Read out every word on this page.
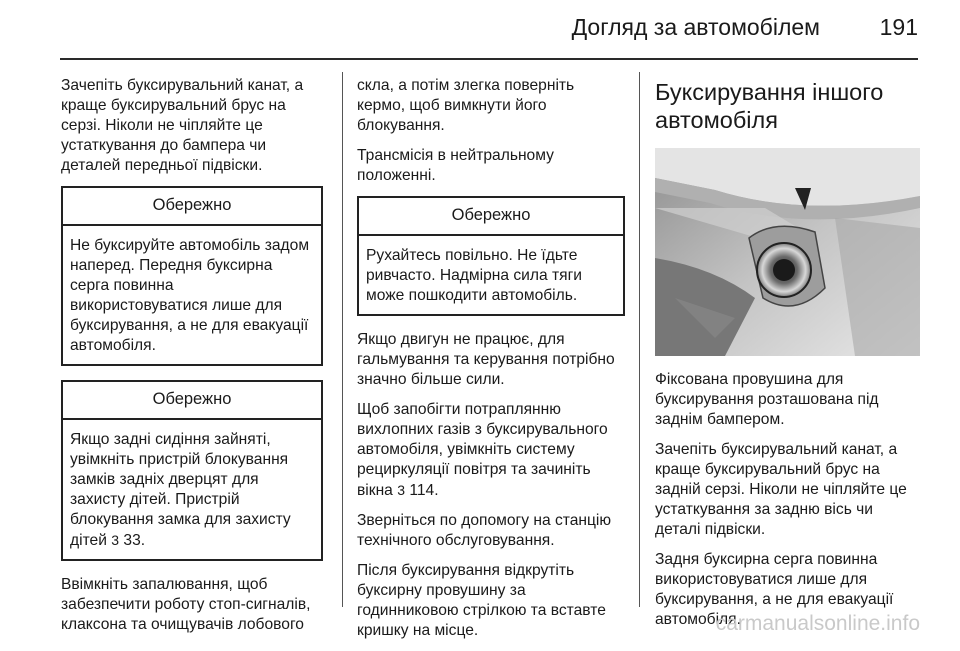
Догляд за автомобілем	191

Зачепіть буксирувальний канат, а краще буксирувальний брус на серзі. Ніколи не чіпляйте це устаткування до бампера чи деталей передньої підвіски.

Обережно
Не буксируйте автомобіль задом наперед. Передня буксирна серга повинна використовуватися лише для буксирування, а не для евакуації автомобіля.
Обережно
Якщо задні сидіння зайняті, увімкніть пристрій блокування замків задніх дверцят для захисту дітей. Пристрій блокування замка для захисту дітей 3 33.

Ввімкніть запалювання, щоб забезпечити роботу стоп-сигналів, клаксона та очищувачів лобового

скла, а потім злегка поверніть кермо, щоб вимкнути його блокування.

Трансмісія в нейтральному положенні.

Обережно
Рухайтесь повільно. Не їдьте ривчасто. Надмірна сила тяги може пошкодити автомобіль.

Якщо двигун не працює, для гальмування та керування потрібно значно більше сили.

Щоб запобігти потраплянню вихлопних газів з буксирувального автомобіля, увімкніть систему рециркуляції повітря та зачиніть вікна 3 114.

Зверніться по допомогу на станцію технічного обслуговування.

Після буксирування відкрутіть буксирну провушину за годинниковою стрілкою та вставте кришку на місце.

Буксирування іншого автомобіля

Фіксована провушина для буксирування розташована під заднім бампером.

Зачепіть буксирувальний канат, а краще буксирувальний брус на задній серзі. Ніколи не чіпляйте це устаткування за задню вісь чи деталі підвіски.

Задня буксирна серга повинна використовуватися лише для буксирування, а не для евакуації автомобіля.

carmanualsonline.info
